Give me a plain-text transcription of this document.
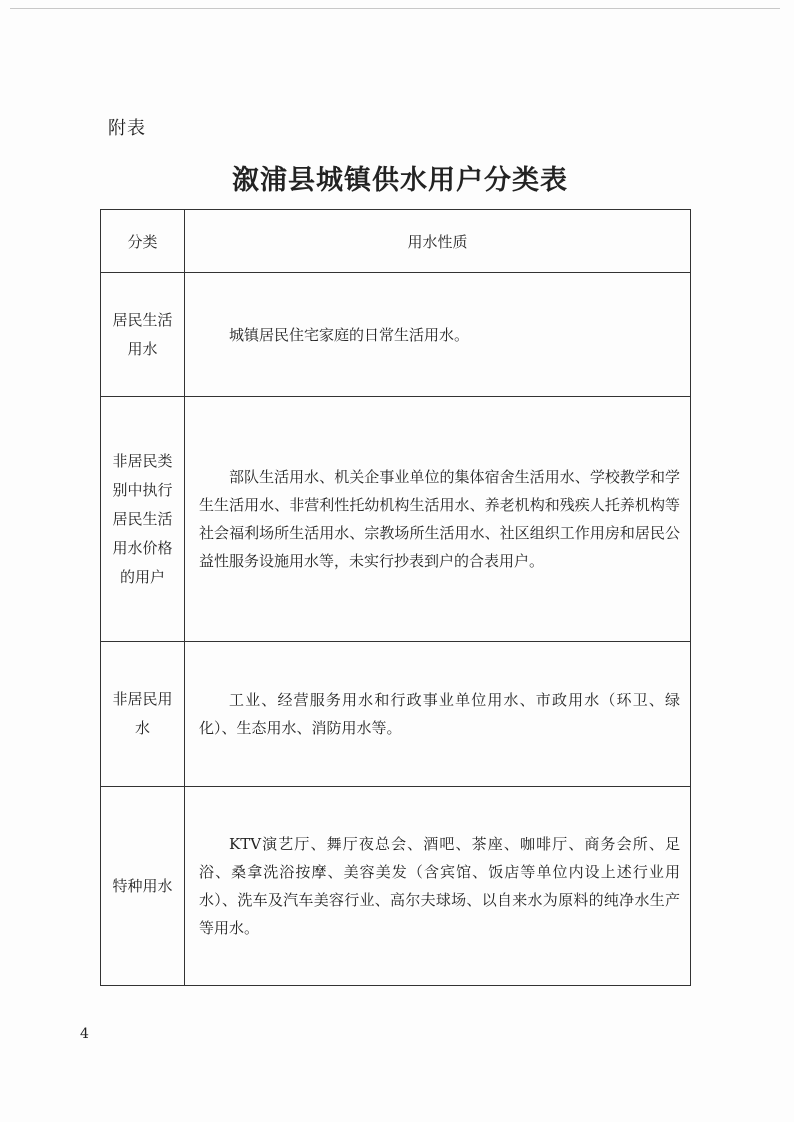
附表
溆浦县城镇供水用户分类表
分类	用水性质
居民生活用水	城镇居民住宅家庭的日常生活用水。

非居民类别中执行居民生活用水价格的用户	部队生活用水、机关企事业单位的集体宿舍生活用水、学校教学和学生生活用水、非营利性托幼机构生活用水、养老机构和残疾人托养机构等社会福利场所生活用水、宗教场所生活用水、社区组织工作用房和居民公益性服务设施用水等，未实行抄表到户的合表用户。

非居民用水	工业、经营服务用水和行政事业单位用水、市政用水（环卫、绿化）、生态用水、消防用水等。

特种用水	KTV演艺厅、舞厅夜总会、酒吧、茶座、咖啡厅、商务会所、足浴、桑拿洗浴按摩、美容美发（含宾馆、饭店等单位内设上述行业用水）、洗车及汽车美容行业、高尔夫球场、以自来水为原料的纯净水生产等用水。

4
